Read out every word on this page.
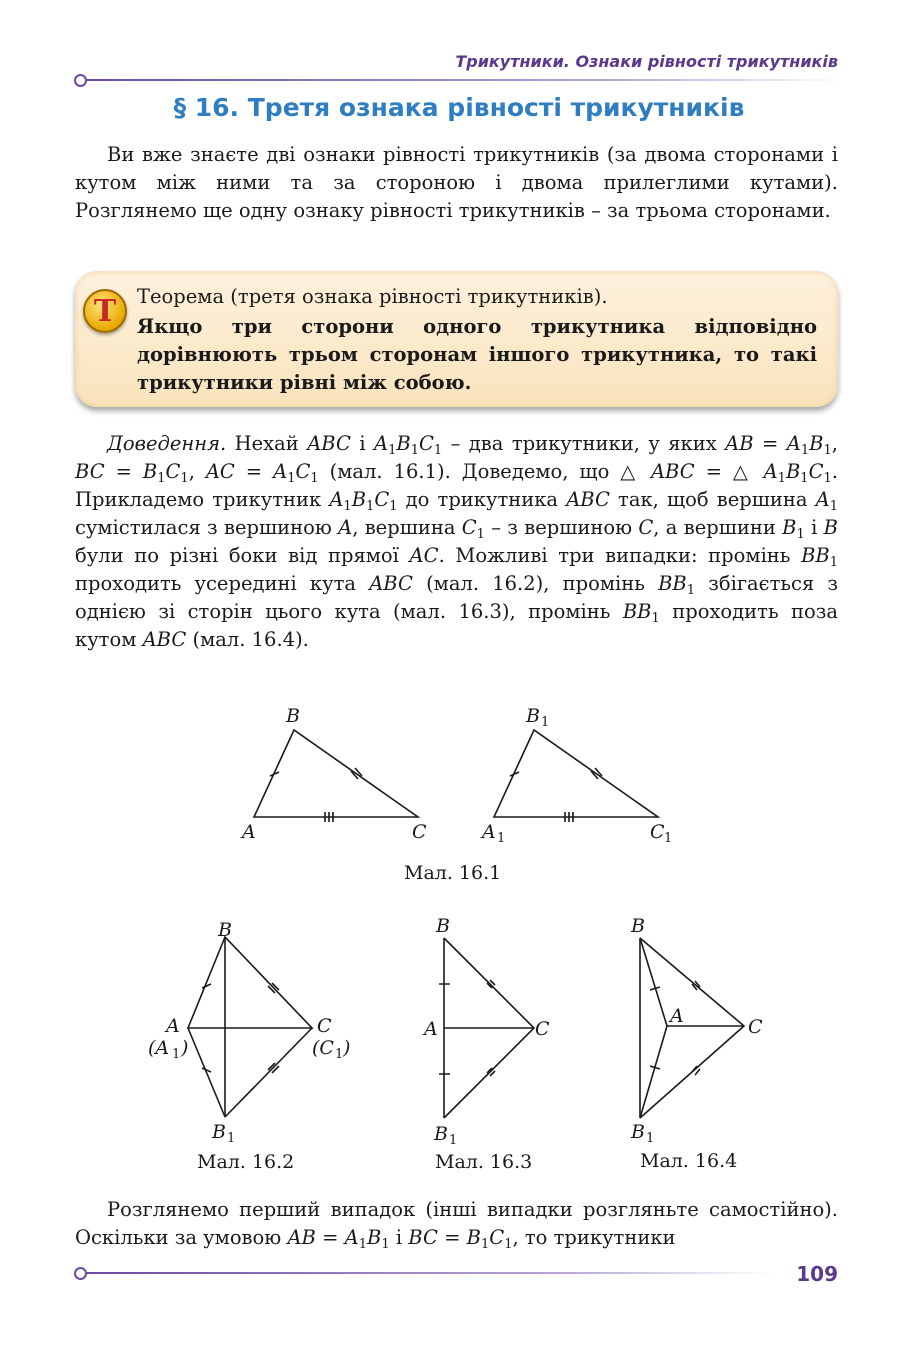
Трикутники. Ознаки рівності трикутників
§ 16. Третя ознака рівності трикутників

Ви вже знаєте дві ознаки рівності трикутників (за двома сторонами і кутом між ними та за стороною і двома прилеглими кутами). Розглянемо ще одну ознаку рівності трикутників – за трьома сторонами.

Т	Теорема (третя ознака рівності трикутників).

Якщо три сторони одного трикутника відповідно дорівнюють трьом сторонам іншого трикутника, то такі трикутники рівні між собою.

Доведення. Нехай ABC і $A_1B_1C_1$ – два трикутники, у яких AB = $A_1B_1$, BC = $B_1C_1$, AC = $A_1C_1$ (мал. 16.1). Доведемо, що △ ABC = △ $A_1B_1C_1$. Прикладемо трикутник $A_1B_1C_1$ до трикутника ABC так, щоб вершина $A_1$ сумістилася з вершиною A, вершина $C_1$ – з вершиною C, а вершини $B_1$ і B були по різні боки від прямої AC. Можливі три випадки: промінь $BB_1$ проходить усередині кута ABC (мал. 16.2), промінь $BB_1$ збігається з однією зі сторін цього кута (мал. 16.3), промінь $BB_1$ проходить поза кутом ABC (мал. 16.4).

B
A	C
B 1
A 1	C 1
Мал. 16.1
B
A
(A 1 )
C
(C 1 )
B 1
Мал. 16.2
B
A	C
B 1
Мал. 16.3
B
A	C
B 1
Мал. 16.4

Розглянемо перший випадок (інші випадки розгляньте самостійно). Оскільки за умовою AB = $A_1B_1$ і BC = $B_1C_1$, то трикутники

109
